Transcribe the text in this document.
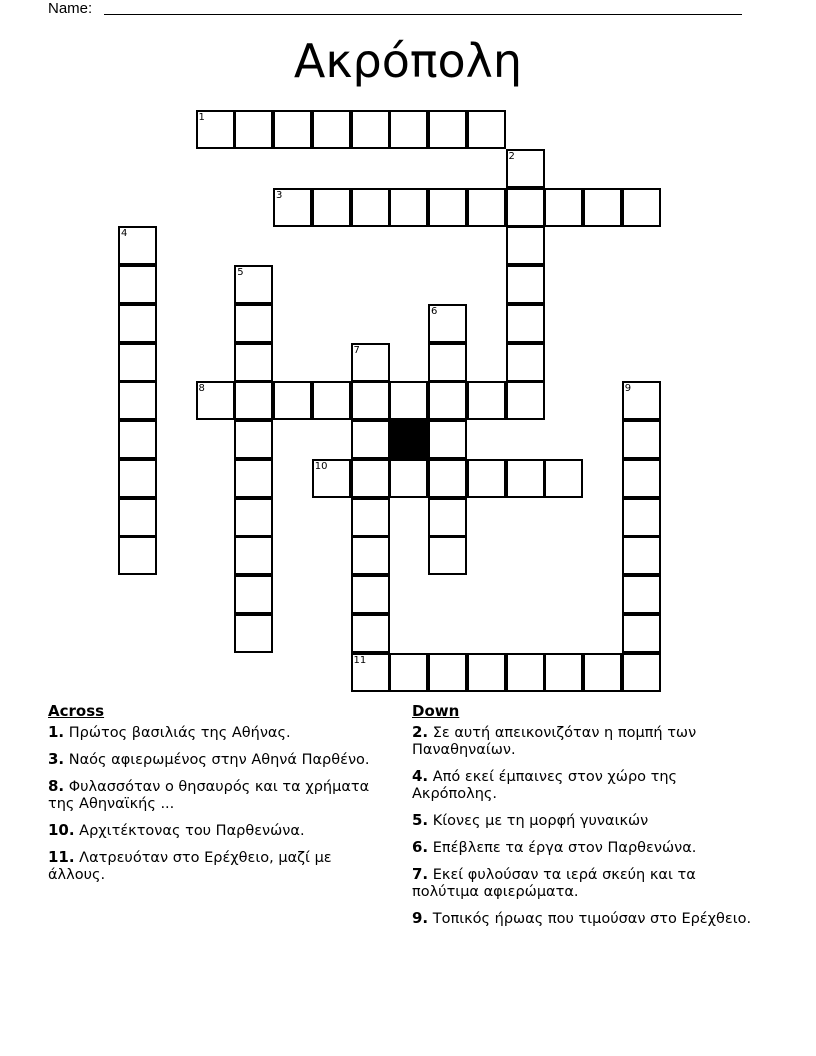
Name:
Ακρόπολη
1
2
3
4
5
6
7
11
8	9
10
Across
1. Πρώτος βασιλιάς της Αθήνας.
3. Ναός αφιερωμένος στην Αθηνά Παρθένο.
8. Φυλασσόταν ο θησαυρός και τα χρήματα της Αθηναϊκής ...
10. Αρχιτέκτονας του Παρθενώνα.
11. Λατρευόταν στο Ερέχθειο, μαζί με άλλους.
Down
2. Σε αυτή απεικονιζόταν η πομπή των Παναθηναίων.
4. Από εκεί έμπαινες στον χώρο της Ακρόπολης.
5. Κίονες με τη μορφή γυναικών
6. Επέβλεπε τα έργα στον Παρθενώνα.
7. Εκεί φυλούσαν τα ιερά σκεύη και τα πολύτιμα αφιερώματα.
9. Τοπικός ήρωας που τιμούσαν στο Ερέχθειο.
